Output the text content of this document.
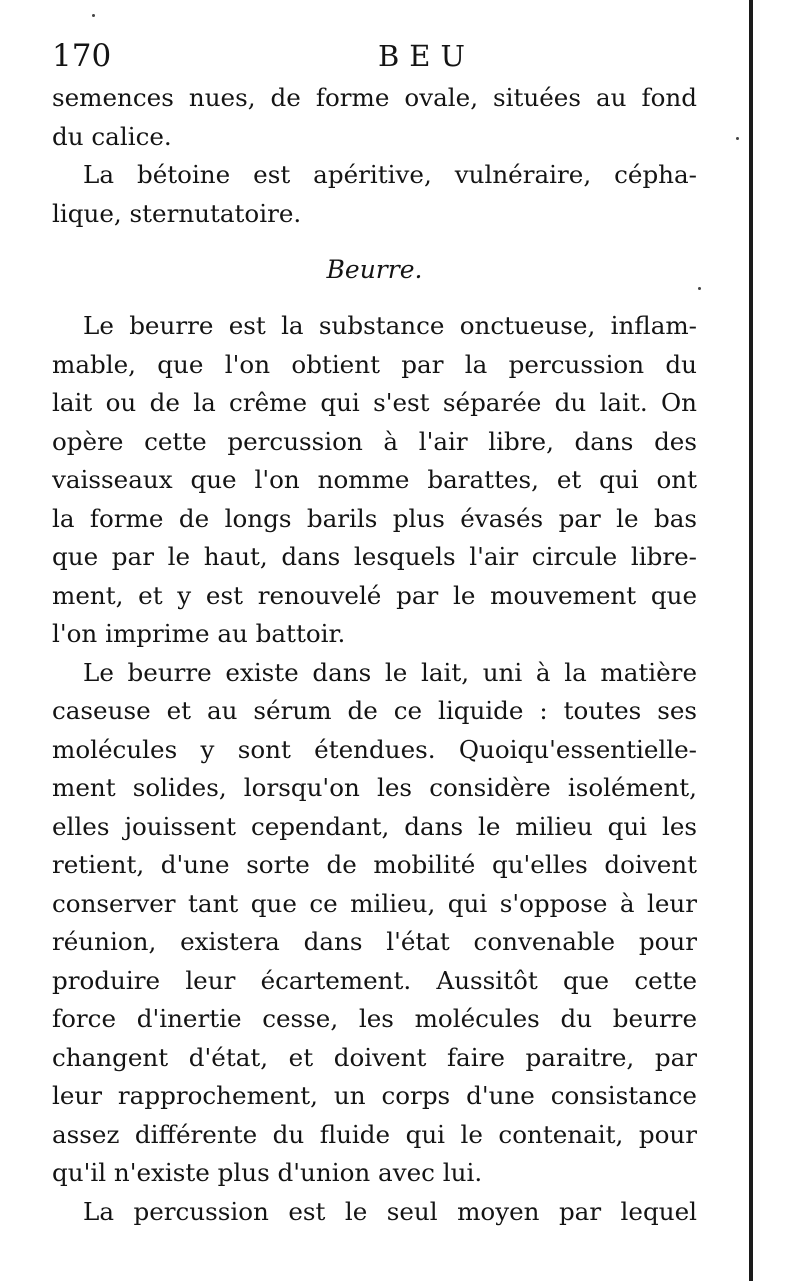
170	BEU
semences nues, de forme ovale, situées au fond
du calice.
La bétoine est apéritive, vulnéraire, cépha-
lique, sternutatoire.
Beurre.
Le beurre est la substance onctueuse, inflam-
mable, que l'on obtient par la percussion du
lait ou de la crême qui s'est séparée du lait. On
opère cette percussion à l'air libre, dans des
vaisseaux que l'on nomme barattes, et qui ont
la forme de longs barils plus évasés par le bas
que par le haut, dans lesquels l'air circule libre-
ment, et y est renouvelé par le mouvement que
l'on imprime au battoir.
Le beurre existe dans le lait, uni à la matière
caseuse et au sérum de ce liquide : toutes ses
molécules y sont étendues. Quoiqu'essentielle-
ment solides, lorsqu'on les considère isolément,
elles jouissent cependant, dans le milieu qui les
retient, d'une sorte de mobilité qu'elles doivent
conserver tant que ce milieu, qui s'oppose à leur
réunion, existera dans l'état convenable pour
produire leur écartement. Aussitôt que cette
force d'inertie cesse, les molécules du beurre
changent d'état, et doivent faire paraitre, par
leur rapprochement, un corps d'une consistance
assez différente du fluide qui le contenait, pour
qu'il n'existe plus d'union avec lui.
La percussion est le seul moyen par lequel
